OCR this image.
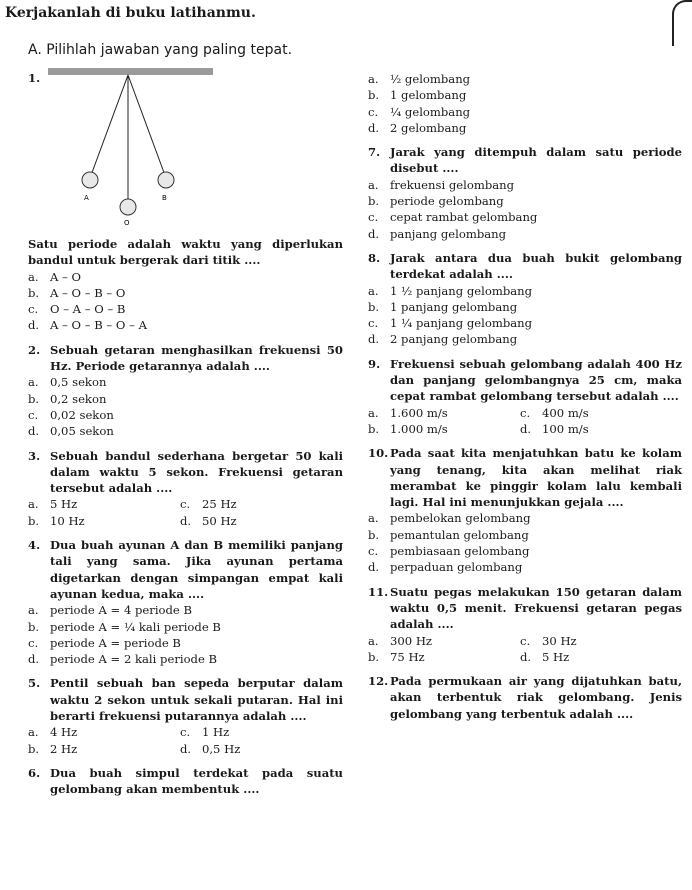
Kerjakanlah di buku latihanmu.
A. Pilihlah jawaban yang paling tepat.
1.
A	B
O
Satu periode adalah waktu yang diperlukan bandul untuk bergerak dari titik ....
a. A – O
b. A – O – B – O
c. O – A – O – B
d. A – O – B – O – A
2. Sebuah getaran menghasilkan frekuensi 50 Hz. Periode getarannya adalah ....
a. 0,5 sekon
b. 0,2 sekon
c. 0,02 sekon
d. 0,05 sekon
3. Sebuah bandul sederhana bergetar 50 kali dalam waktu 5 sekon. Frekuensi getaran tersebut adalah ....
a. 5 Hz	c. 25 Hz
b. 10 Hz	d. 50 Hz
4. Dua buah ayunan A dan B memiliki panjang tali yang sama. Jika ayunan pertama digetarkan dengan simpangan empat kali ayunan kedua, maka ....
a. periode A = 4 periode B
b. periode A = ¼ kali periode B
c. periode A = periode B
d. periode A = 2 kali periode B
5. Pentil sebuah ban sepeda berputar dalam waktu 2 sekon untuk sekali putaran. Hal ini berarti frekuensi putarannya adalah ....
a. 4 Hz	c. 1 Hz
b. 2 Hz	d. 0,5 Hz
6. Dua buah simpul terdekat pada suatu gelombang akan membentuk ....
a. ½ gelombang
b. 1 gelombang
c. ¼ gelombang
d. 2 gelombang
7. Jarak yang ditempuh dalam satu periode disebut ....
a. frekuensi gelombang
b. periode gelombang
c. cepat rambat gelombang
d. panjang gelombang
8. Jarak antara dua buah bukit gelombang terdekat adalah ....
a. 1 ½ panjang gelombang
b. 1 panjang gelombang
c. 1 ¼ panjang gelombang
d. 2 panjang gelombang
9. Frekuensi sebuah gelombang adalah 400 Hz dan panjang gelombangnya 25 cm, maka cepat rambat gelombang tersebut adalah ....
a. 1.600 m/s	c. 400 m/s
b. 1.000 m/s	d. 100 m/s
10. Pada saat kita menjatuhkan batu ke kolam yang tenang, kita akan melihat riak merambat ke pinggir kolam lalu kembali lagi. Hal ini menunjukkan gejala ....
a. pembelokan gelombang
b. pemantulan gelombang
c. pembiasaan gelombang
d. perpaduan gelombang
11. Suatu pegas melakukan 150 getaran dalam waktu 0,5 menit. Frekuensi getaran pegas adalah ....
a. 300 Hz	c. 30 Hz
b. 75 Hz	d. 5 Hz
12. Pada permukaan air yang dijatuhkan batu, akan terbentuk riak gelombang. Jenis gelombang yang terbentuk adalah ....
